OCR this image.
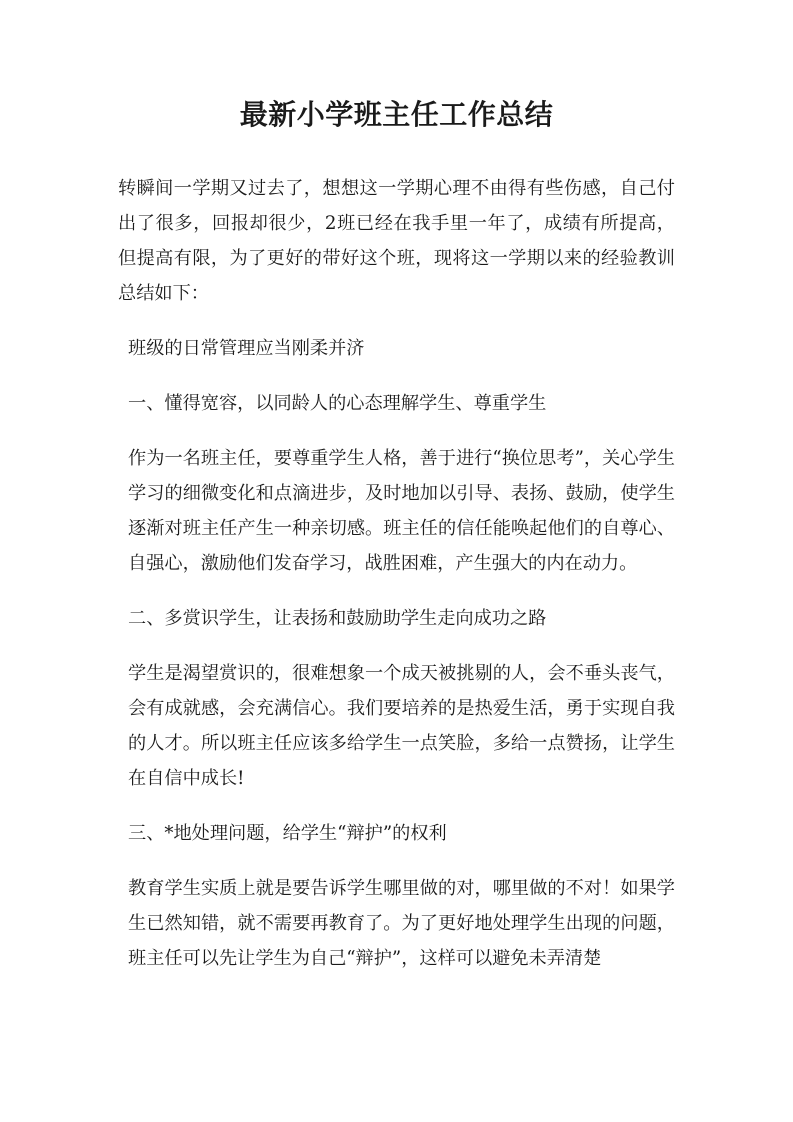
最新小学班主任工作总结

转瞬间一学期又过去了，想想这一学期心理不由得有些伤感，自己付出了很多，回报却很少，2班已经在我手里一年了，成绩有所提高，但提高有限，为了更好的带好这个班，现将这一学期以来的经验教训总结如下：

班级的日常管理应当刚柔并济

一、懂得宽容，以同龄人的心态理解学生、尊重学生

作为一名班主任，要尊重学生人格，善于进行“换位思考”，关心学生学习的细微变化和点滴进步，及时地加以引导、表扬、鼓励，使学生逐渐对班主任产生一种亲切感。班主任的信任能唤起他们的自尊心、自强心，激励他们发奋学习，战胜困难，产生强大的内在动力。

二、多赏识学生，让表扬和鼓励助学生走向成功之路

学生是渴望赏识的，很难想象一个成天被挑剔的人，会不垂头丧气，会有成就感，会充满信心。我们要培养的是热爱生活，勇于实现自我的人才。所以班主任应该多给学生一点笑脸，多给一点赞扬，让学生在自信中成长!

三、*地处理问题，给学生“辩护”的权利

教育学生实质上就是要告诉学生哪里做的对，哪里做的不对！如果学生已然知错，就不需要再教育了。为了更好地处理学生出现的问题，班主任可以先让学生为自己“辩护”，这样可以避免未弄清楚
